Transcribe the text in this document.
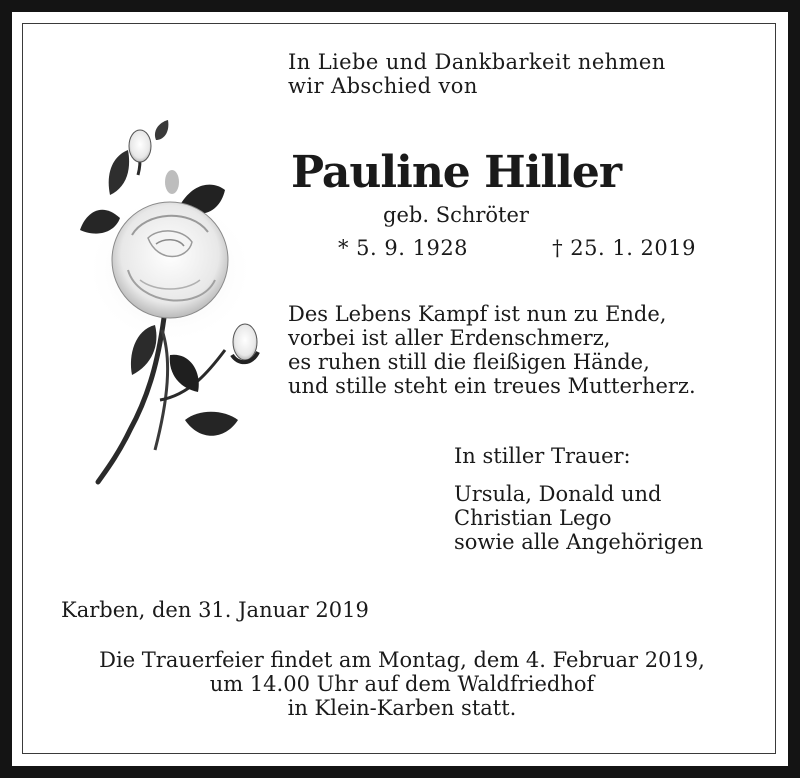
In Liebe und Dankbarkeit nehmen
wir Abschied von

Pauline Hiller

geb. Schröter

* 5. 9. 1928

	† 25. 1. 2019

Des Lebens Kampf ist nun zu Ende,
vorbei ist aller Erdenschmerz,
es ruhen still die fleißigen Hände,
und stille steht ein treues Mutterherz.

In stiller Trauer:

Ursula, Donald und
Christian Lego
sowie alle Angehörigen

Karben, den 31. Januar 2019

Die Trauerfeier findet am Montag, dem 4. Februar 2019,
um 14.00 Uhr auf dem Waldfriedhof
in Klein-Karben statt.
